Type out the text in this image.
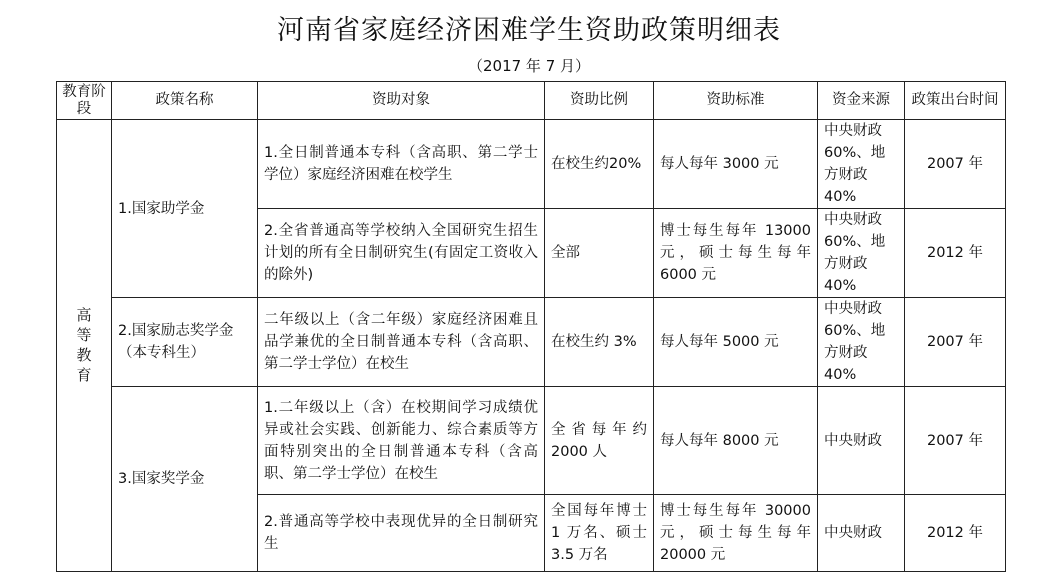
河南省家庭经济困难学生资助政策明细表
（2017 年 7 月）
教育阶段	政策名称	资助对象	资助比例	资助标准	资金来源	政策出台时间
高等教育	1.国家助学金	1.全日制普通本专科（含高职、第二学士学位）家庭经济困难在校学生	在校生约20%	每人每年 3000 元	中央财政60%、地方财政 40%	2007 年
		2.全省普通高等学校纳入全国研究生招生计划的所有全日制研究生(有固定工资收入的除外)	全部	博士每生每年 13000 元，硕士每生每年 6000 元	中央财政60%、地方财政 40%	2012 年
	2.国家励志奖学金（本专科生）	二年级以上（含二年级）家庭经济困难且品学兼优的全日制普通本专科（含高职、第二学士学位）在校生	在校生约 3%	每人每年 5000 元	中央财政60%、地方财政 40%	2007 年
	3.国家奖学金	1.二年级以上（含）在校期间学习成绩优异或社会实践、创新能力、综合素质等方面特别突出的全日制普通本专科（含高职、第二学士学位）在校生	全省每年约2000 人	每人每年 8000 元	中央财政	2007 年
		2.普通高等学校中表现优异的全日制研究生	全国每年博士1 万名、硕士3.5 万名	博士每生每年 30000 元，硕士每生每年 20000 元	中央财政	2012 年
